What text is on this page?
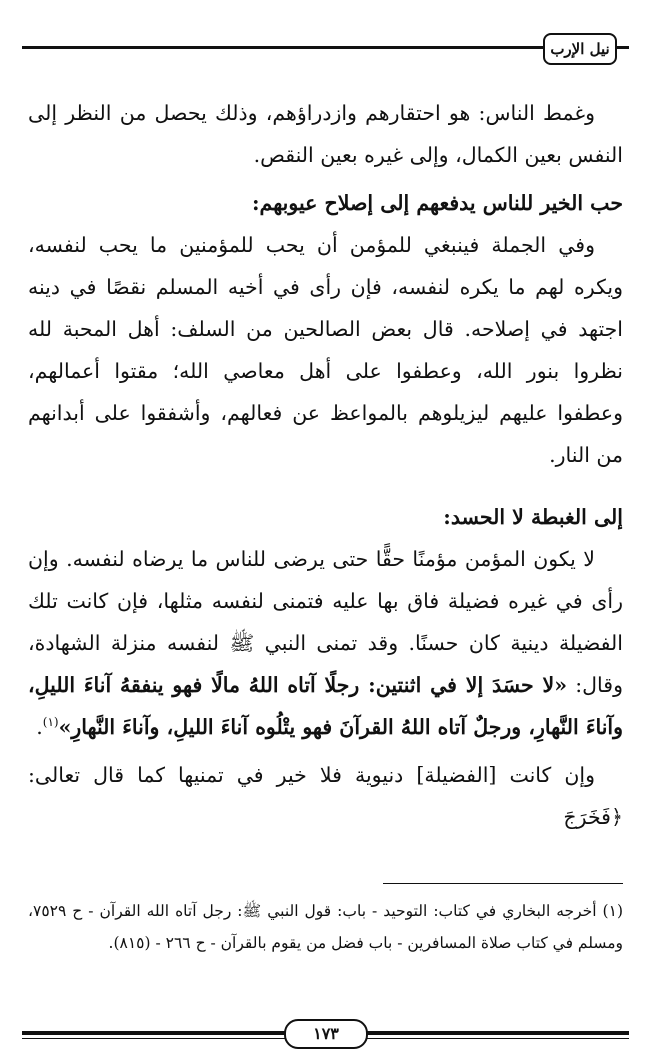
نيل الإرب

وغمط الناس: هو احتقارهم وازدراؤهم، وذلك يحصل من النظر إلى النفس بعين الكمال، وإلى غيره بعين النقص.

حب الخير للناس يدفعهم إلى إصلاح عيوبهم:

وفي الجملة فينبغي للمؤمن أن يحب للمؤمنين ما يحب لنفسه، ويكره لهم ما يكره لنفسه، فإن رأى في أخيه المسلم نقصًا في دينه اجتهد في إصلاحه. قال بعض الصالحين من السلف: أهل المحبة لله نظروا بنور الله، وعطفوا على أهل معاصي الله؛ مقتوا أعمالهم، وعطفوا عليهم ليزيلوهم بالمواعظ عن فعالهم، وأشفقوا على أبدانهم من النار.

إلى الغبطة لا الحسد:

لا يكون المؤمن مؤمنًا حقًّا حتى يرضى للناس ما يرضاه لنفسه. وإن رأى في غيره فضيلة فاق بها عليه فتمنى لنفسه مثلها، فإن كانت تلك الفضيلة دينية كان حسنًا. وقد تمنى النبي ﷺ لنفسه منزلة الشهادة، وقال: «لا حسَدَ إلا في اثنتين: رجلًا آتاه اللهُ مالًا فهو ينفقهُ آناءَ الليلِ، وآناءَ النَّهارِ، ورجلٌ آتاه اللهُ القرآنَ فهو يتْلُوه آناءَ الليلِ، وآناءَ النَّهارِ»$^{(١)}$.

وإن كانت [الفضيلة] دنيوية فلا خير في تمنيها كما قال تعالى: ﴿فَخَرَجَ

(١) أخرجه البخاري في كتاب: التوحيد - باب: قول النبي ﷺ: رجل آتاه الله القرآن - ح ٧٥٢٩، ومسلم في كتاب صلاة المسافرين - باب فضل من يقوم بالقرآن - ح ٢٦٦ - (٨١٥).
١٧٣
